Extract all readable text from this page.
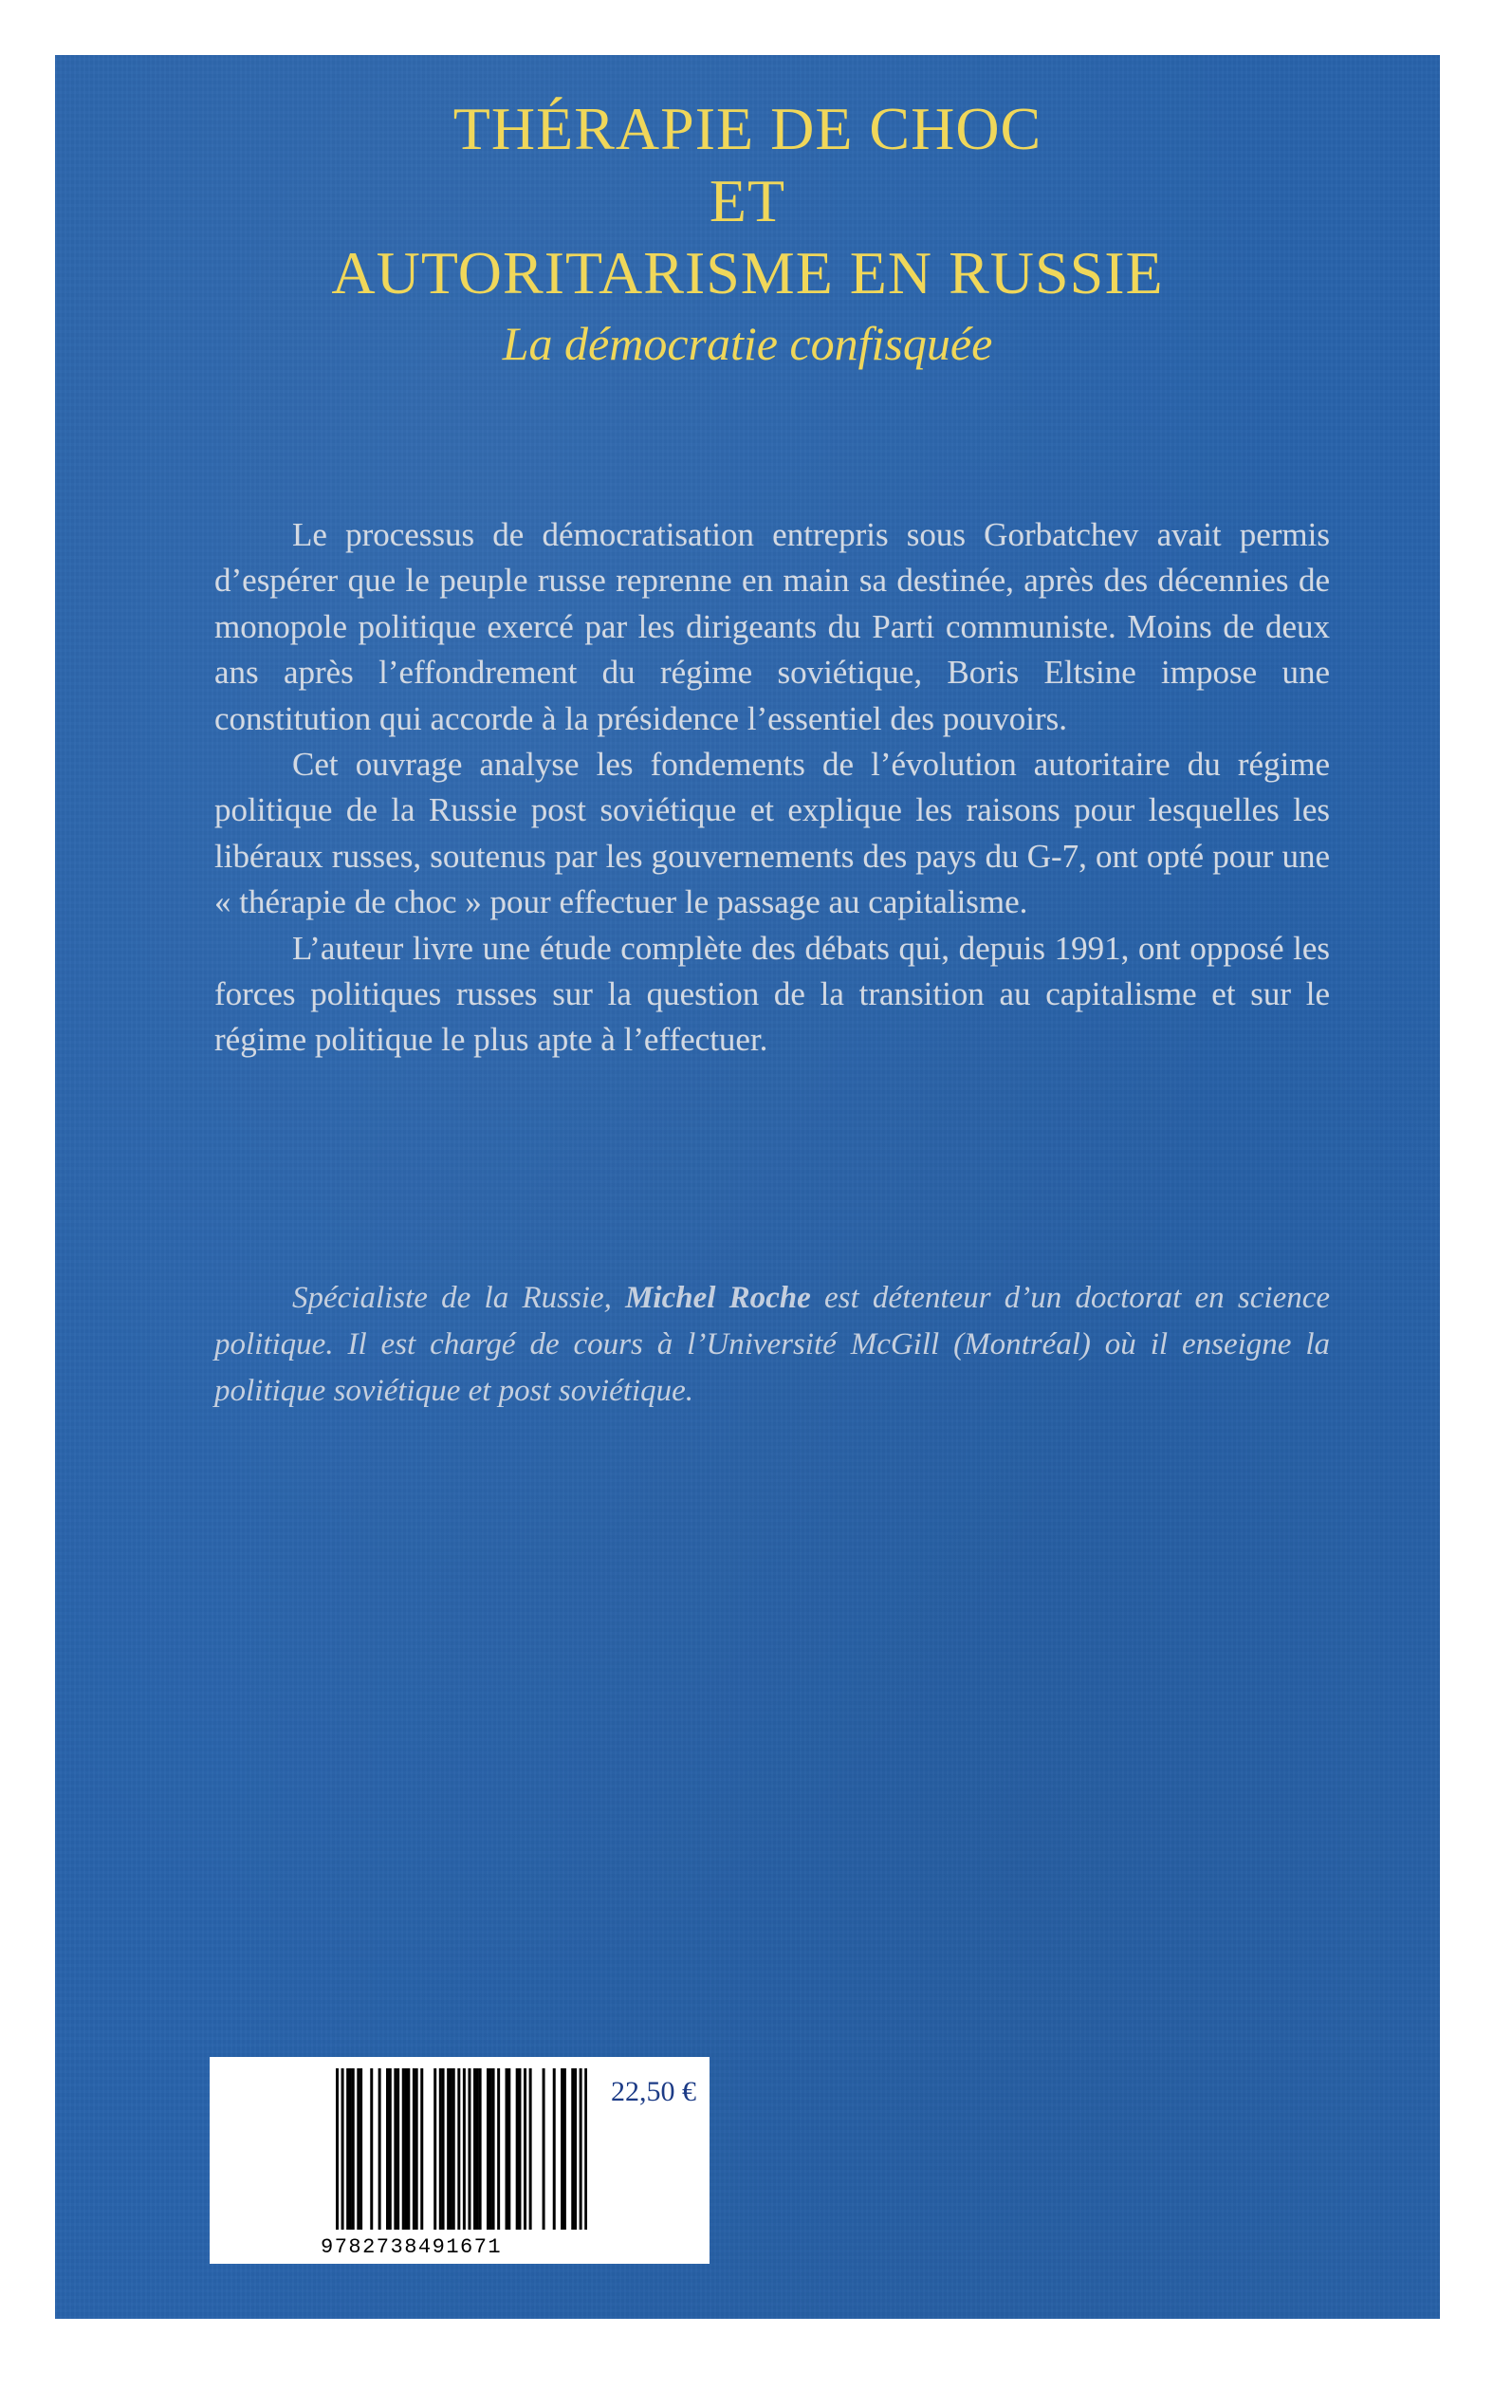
THÉRAPIE DE CHOC
ET
AUTORITARISME EN RUSSIE
La démocratie confisquée

Le processus de démocratisation entrepris sous Gorbatchev avait permis d’espérer que le peuple russe reprenne en main sa destinée, après des décennies de monopole politique exercé par les dirigeants du Parti communiste. Moins de deux ans après l’effondrement du régime soviétique, Boris Eltsine impose une constitution qui accorde à la présidence l’essentiel des pouvoirs.

Cet ouvrage analyse les fondements de l’évolution autoritaire du régime politique de la Russie post soviétique et explique les raisons pour lesquelles les libéraux russes, soutenus par les gouvernements des pays du G-7, ont opté pour une « thérapie de choc » pour effectuer le passage au capitalisme.

L’auteur livre une étude complète des débats qui, depuis 1991, ont opposé les forces politiques russes sur la question de la transition au capitalisme et sur le régime politique le plus apte à l’effectuer.

Spécialiste de la Russie, Michel Roche est détenteur d’un doctorat en science politique. Il est chargé de cours à l’Université McGill (Montréal) où il enseigne la politique soviétique et post soviétique.
9782738491671
22,50 €
